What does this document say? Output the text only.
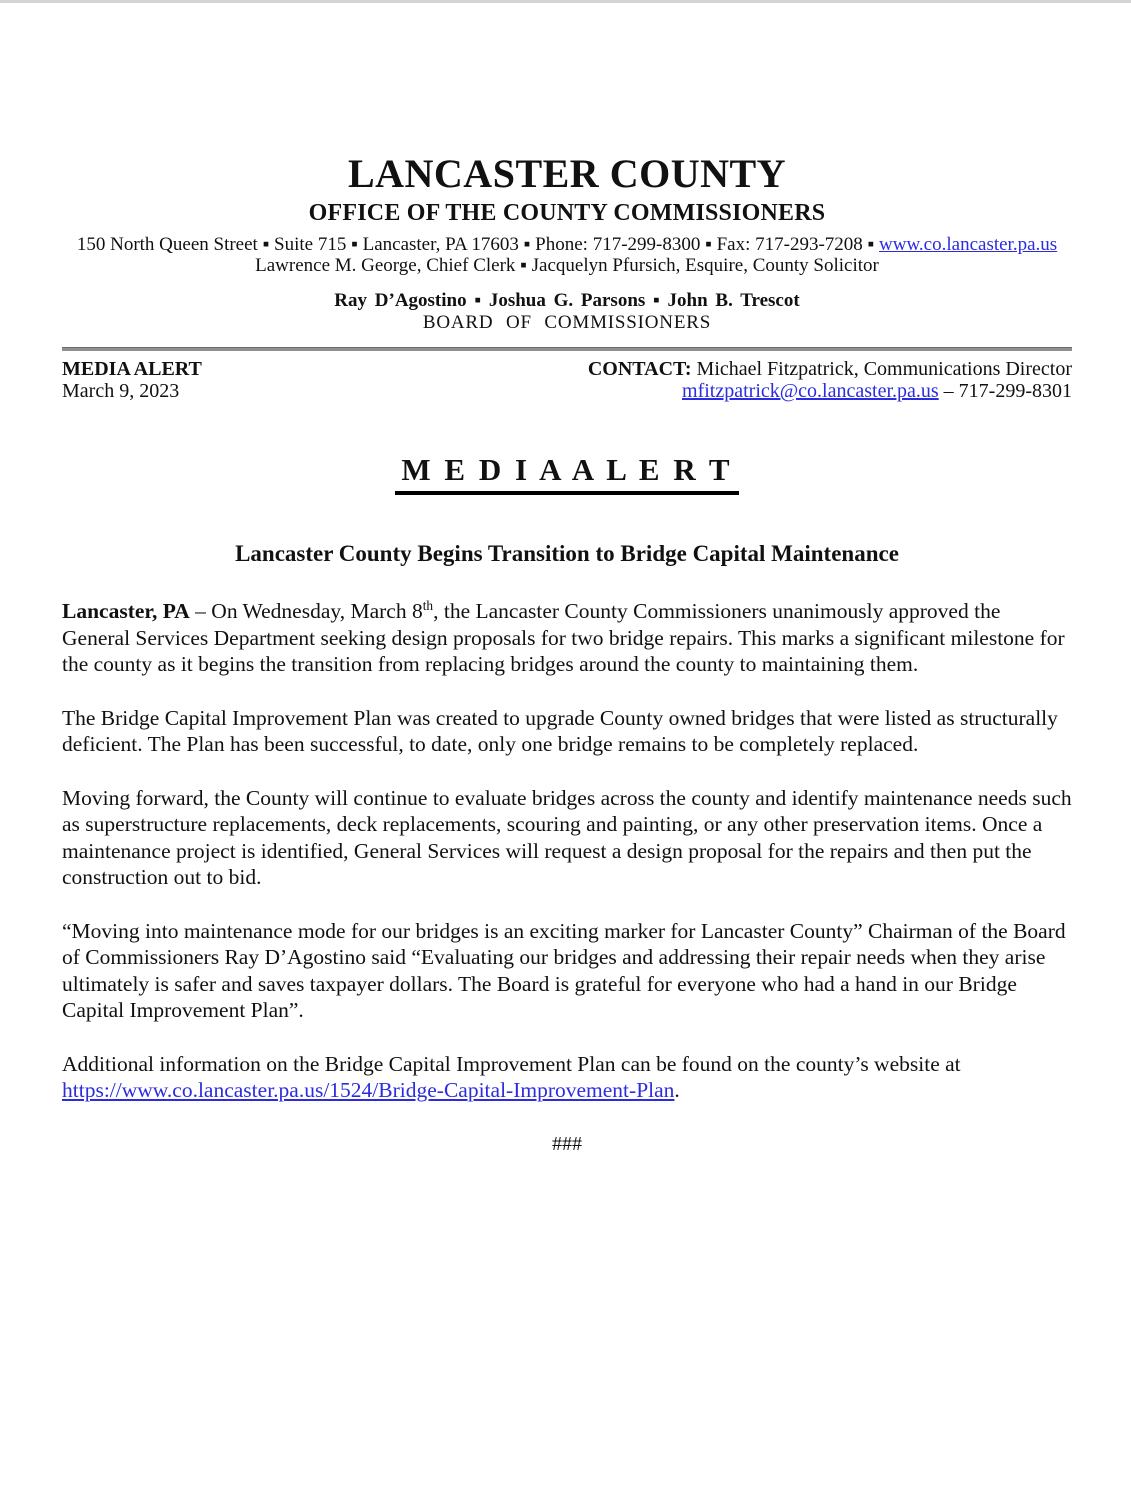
LANCASTER COUNTY
OFFICE OF THE COUNTY COMMISSIONERS
150 North Queen Street ▪ Suite 715 ▪ Lancaster, PA 17603 ▪ Phone: 717-299-8300 ▪ Fax: 717-293-7208 ▪ www.co.lancaster.pa.us
Lawrence M. George, Chief Clerk ▪ Jacquelyn Pfursich, Esquire, County Solicitor
Ray D’Agostino ▪ Joshua G. Parsons ▪ John B. Trescot
BOARD OF COMMISSIONERS
MEDIA ALERT
March 9, 2023
CONTACT: Michael Fitzpatrick, Communications Director
mfitzpatrick@co.lancaster.pa.us – 717-299-8301
M E D I A A L E R T
Lancaster County Begins Transition to Bridge Capital Maintenance

Lancaster, PA – On Wednesday, March 8th, the Lancaster County Commissioners unanimously approved the General Services Department seeking design proposals for two bridge repairs. This marks a significant milestone for the county as it begins the transition from replacing bridges around the county to maintaining them.

The Bridge Capital Improvement Plan was created to upgrade County owned bridges that were listed as structurally deficient. The Plan has been successful, to date, only one bridge remains to be completely replaced.

Moving forward, the County will continue to evaluate bridges across the county and identify maintenance needs such as superstructure replacements, deck replacements, scouring and painting, or any other preservation items. Once a maintenance project is identified, General Services will request a design proposal for the repairs and then put the construction out to bid.

“Moving into maintenance mode for our bridges is an exciting marker for Lancaster County” Chairman of the Board of Commissioners Ray D’Agostino said “Evaluating our bridges and addressing their repair needs when they arise ultimately is safer and saves taxpayer dollars. The Board is grateful for everyone who had a hand in our Bridge Capital Improvement Plan”.

Additional information on the Bridge Capital Improvement Plan can be found on the county’s website at https://www.co.lancaster.pa.us/1524/Bridge-Capital-Improvement-Plan.

###
